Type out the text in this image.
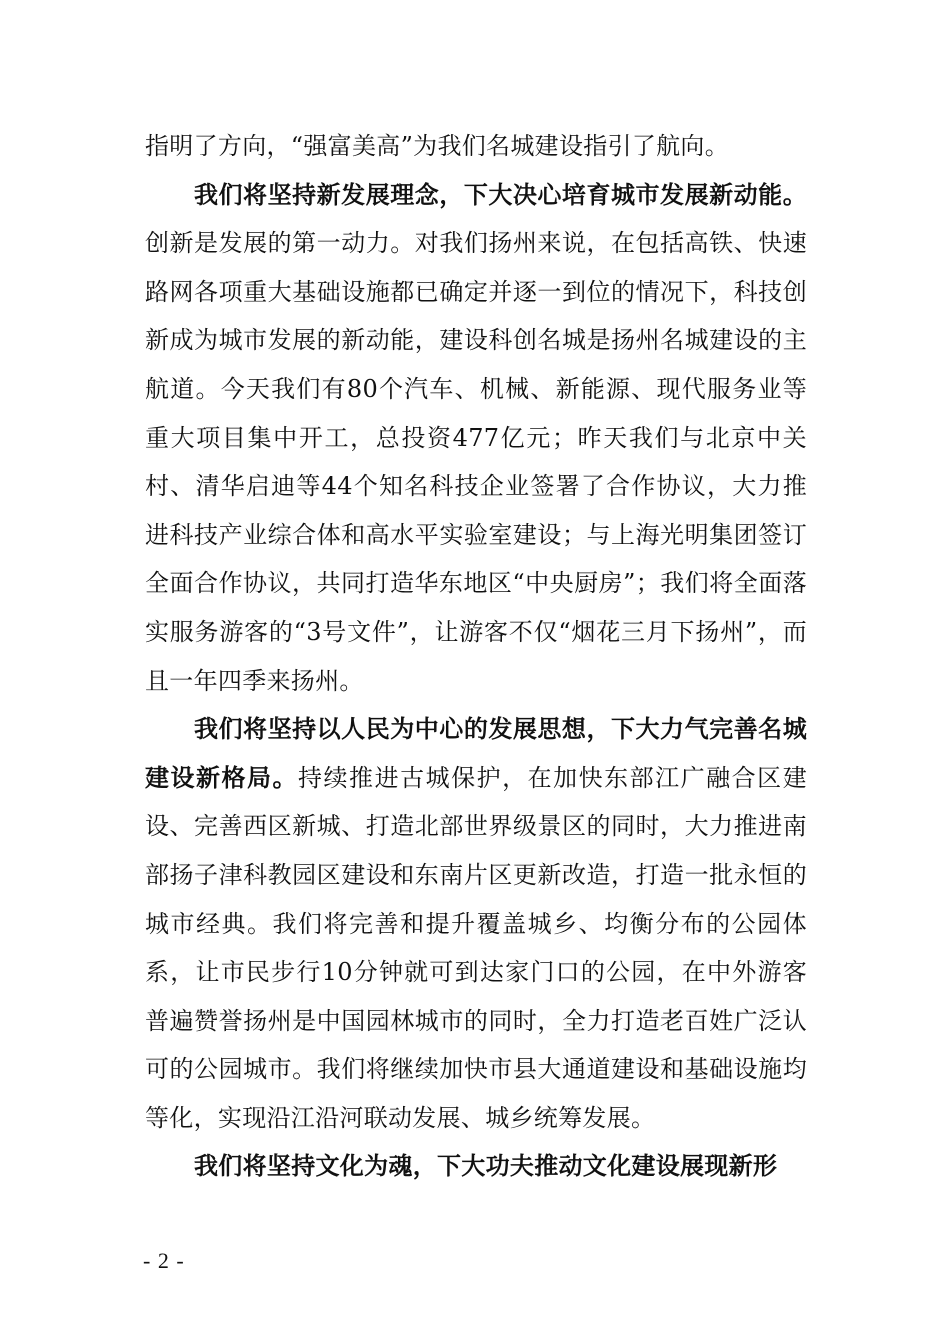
指明了方向，“强富美高”为我们名城建设指引了航向。

我们将坚持新发展理念，下大决心培育城市发展新动能。创新是发展的第一动力。对我们扬州来说，在包括高铁、快速路网各项重大基础设施都已确定并逐一到位的情况下，科技创新成为城市发展的新动能，建设科创名城是扬州名城建设的主航道。今天我们有80个汽车、机械、新能源、现代服务业等重大项目集中开工，总投资477亿元；昨天我们与北京中关村、清华启迪等44个知名科技企业签署了合作协议，大力推进科技产业综合体和高水平实验室建设；与上海光明集团签订全面合作协议，共同打造华东地区“中央厨房”；我们将全面落实服务游客的“3号文件”，让游客不仅“烟花三月下扬州”，而且一年四季来扬州。

我们将坚持以人民为中心的发展思想，下大力气完善名城建设新格局。持续推进古城保护，在加快东部江广融合区建设、完善西区新城、打造北部世界级景区的同时，大力推进南部扬子津科教园区建设和东南片区更新改造，打造一批永恒的城市经典。我们将完善和提升覆盖城乡、均衡分布的公园体系，让市民步行10分钟就可到达家门口的公园，在中外游客普遍赞誉扬州是中国园林城市的同时，全力打造老百姓广泛认可的公园城市。我们将继续加快市县大通道建设和基础设施均等化，实现沿江沿河联动发展、城乡统筹发展。

我们将坚持文化为魂，下大功夫推动文化建设展现新形

- 2 -
